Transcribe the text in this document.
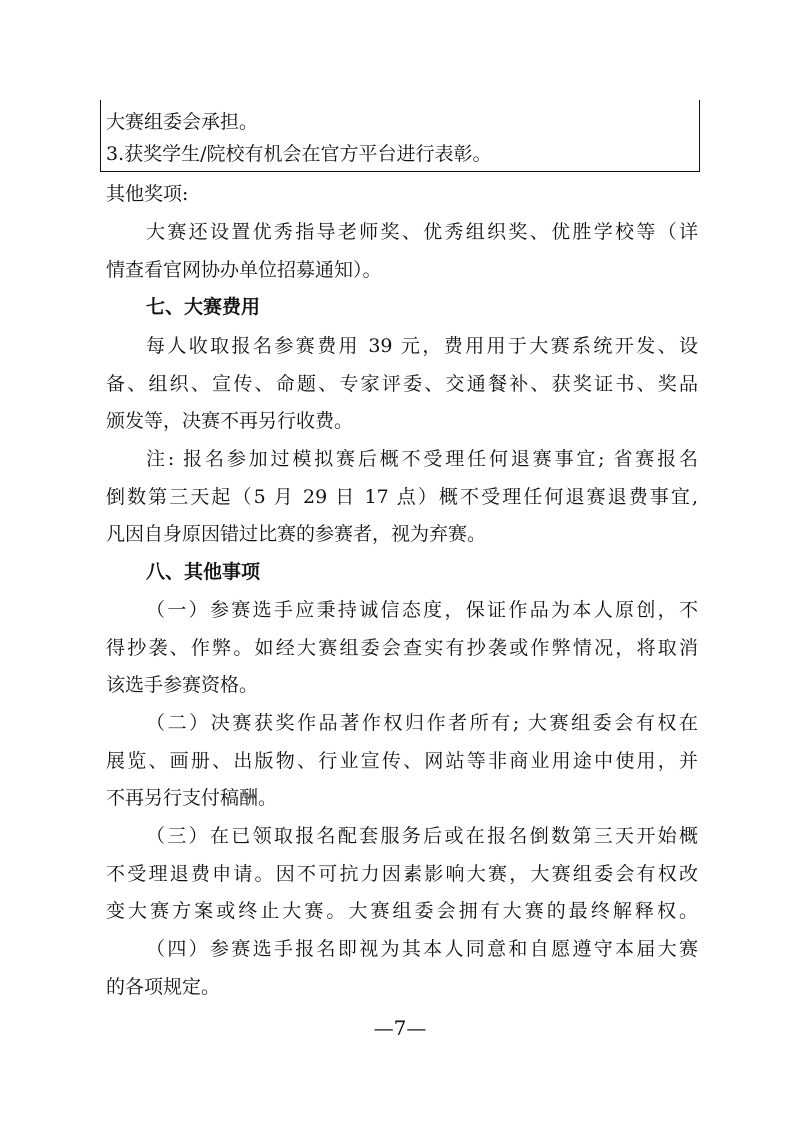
大赛组委会承担。
3.获奖学生/院校有机会在官方平台进行表彰。
其他奖项:
大赛还设置优秀指导老师奖、优秀组织奖、优胜学校等（详
情查看官网协办单位招募通知）。
七、大赛费用
每人收取报名参赛费用 39 元，费用用于大赛系统开发、设
备、组织、宣传、命题、专家评委、交通餐补、获奖证书、奖品
颁发等，决赛不再另行收费。
注: 报名参加过模拟赛后概不受理任何退赛事宜; 省赛报名
倒数第三天起（5 月 29 日 17 点）概不受理任何退赛退费事宜,
凡因自身原因错过比赛的参赛者，视为弃赛。
八、其他事项
（一）参赛选手应秉持诚信态度，保证作品为本人原创，不
得抄袭、作弊。如经大赛组委会查实有抄袭或作弊情况，将取消
该选手参赛资格。
（二）决赛获奖作品著作权归作者所有; 大赛组委会有权在
展览、画册、出版物、行业宣传、网站等非商业用途中使用，并
不再另行支付稿酬。
（三）在已领取报名配套服务后或在报名倒数第三天开始概
不受理退费申请。因不可抗力因素影响大赛，大赛组委会有权改
变大赛方案或终止大赛。大赛组委会拥有大赛的最终解释权。
（四）参赛选手报名即视为其本人同意和自愿遵守本届大赛
的各项规定。
—7—
